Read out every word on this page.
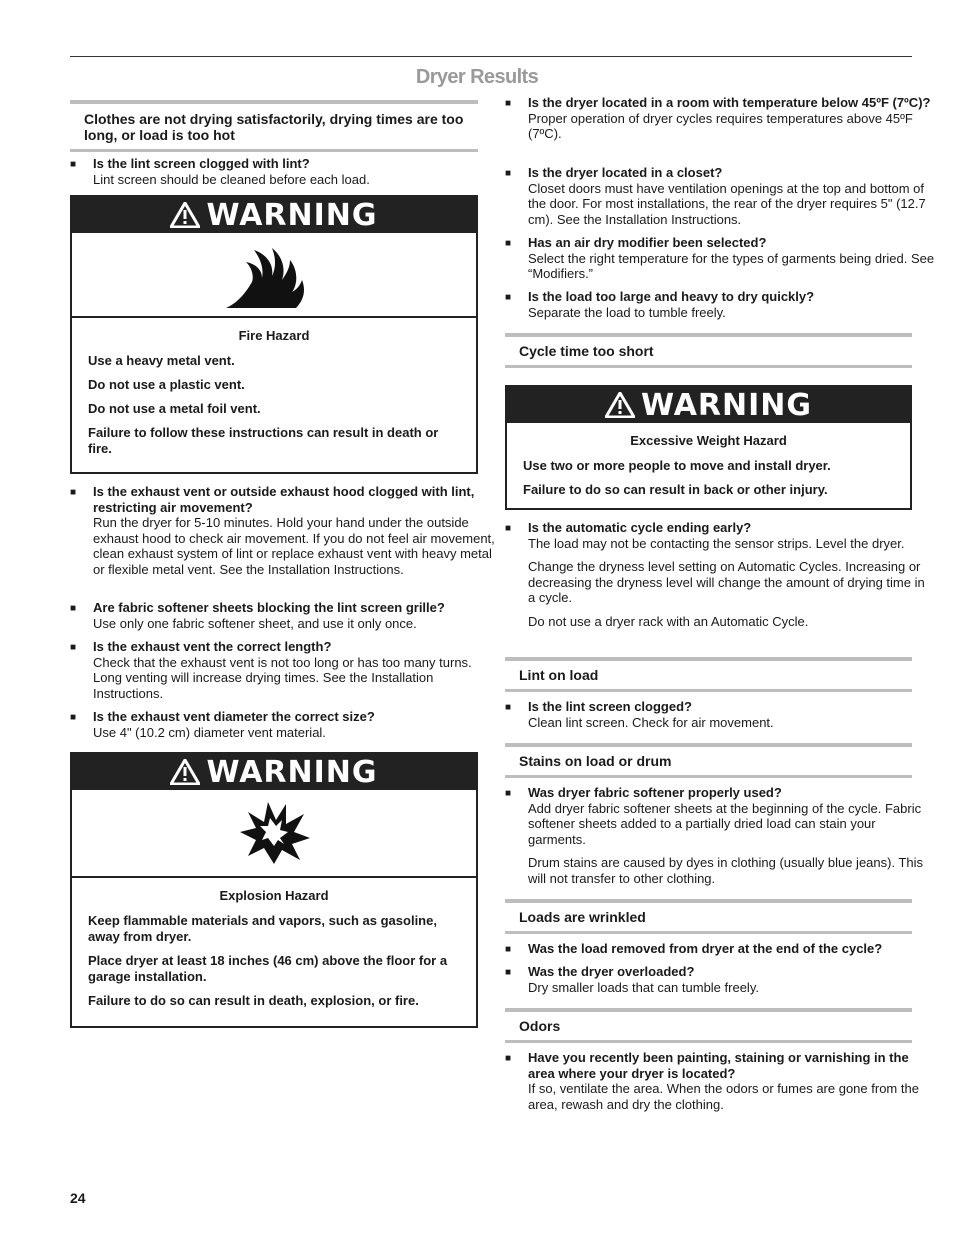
Dryer Results
Clothes are not drying satisfactorily, drying times are too long, or load is too hot
■ Is the lint screen clogged with lint?
Lint screen should be cleaned before each load.
WARNING

Fire Hazard

Use a heavy metal vent.

Do not use a plastic vent.

Do not use a metal foil vent.

Failure to follow these instructions can result in death or fire.

■ Is the exhaust vent or outside exhaust hood clogged with lint, restricting air movement?
Run the dryer for 5-10 minutes. Hold your hand under the outside exhaust hood to check air movement. If you do not feel air movement, clean exhaust system of lint or replace exhaust vent with heavy metal or flexible metal vent. See the Installation Instructions.
■ Are fabric softener sheets blocking the lint screen grille?
Use only one fabric softener sheet, and use it only once.
■ Is the exhaust vent the correct length?
Check that the exhaust vent is not too long or has too many turns. Long venting will increase drying times. See the Installation Instructions.
■ Is the exhaust vent diameter the correct size?
Use 4" (10.2 cm) diameter vent material.
WARNING

Explosion Hazard

Keep flammable materials and vapors, such as gasoline, away from dryer.

Place dryer at least 18 inches (46 cm) above the floor for a garage installation.

Failure to do so can result in death, explosion, or fire.

■ Is the dryer located in a room with temperature below 45ºF (7ºC)?
Proper operation of dryer cycles requires temperatures above 45ºF (7ºC).
■ Is the dryer located in a closet?
Closet doors must have ventilation openings at the top and bottom of the door. For most installations, the rear of the dryer requires 5" (12.7 cm). See the Installation Instructions.
■ Has an air dry modifier been selected?
Select the right temperature for the types of garments being dried. See “Modifiers.”
■ Is the load too large and heavy to dry quickly?
Separate the load to tumble freely.
Cycle time too short
WARNING

Excessive Weight Hazard

Use two or more people to move and install dryer.

Failure to do so can result in back or other injury.

■ Is the automatic cycle ending early?
The load may not be contacting the sensor strips. Level the dryer.

Change the dryness level setting on Automatic Cycles. Increasing or decreasing the dryness level will change the amount of drying time in a cycle.

Do not use a dryer rack with an Automatic Cycle.

Lint on load
■ Is the lint screen clogged?
Clean lint screen. Check for air movement.
Stains on load or drum
■ Was dryer fabric softener properly used?
Add dryer fabric softener sheets at the beginning of the cycle. Fabric softener sheets added to a partially dried load can stain your garments.

Drum stains are caused by dyes in clothing (usually blue jeans). This will not transfer to other clothing.

Loads are wrinkled
■ Was the load removed from dryer at the end of the cycle?
■ Was the dryer overloaded?
Dry smaller loads that can tumble freely.
Odors
■ Have you recently been painting, staining or varnishing in the area where your dryer is located?
If so, ventilate the area. When the odors or fumes are gone from the area, rewash and dry the clothing.
24
